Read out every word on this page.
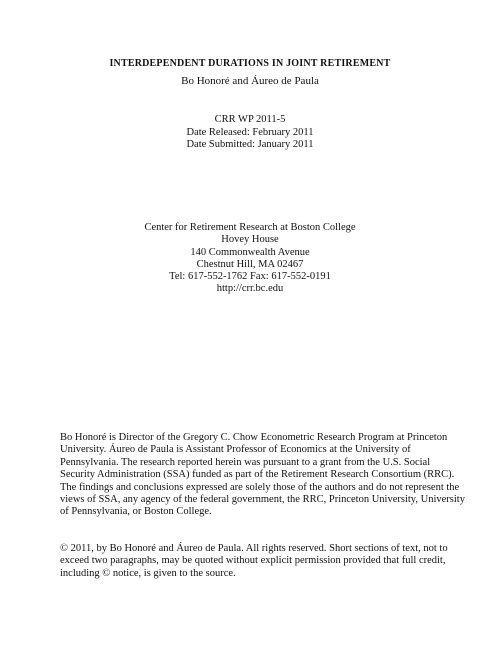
INTERDEPENDENT DURATIONS IN JOINT RETIREMENT
Bo Honoré and Áureo de Paula
CRR WP 2011-5
Date Released: February 2011
Date Submitted: January 2011
Center for Retirement Research at Boston College
Hovey House
140 Commonwealth Avenue
Chestnut Hill, MA 02467
Tel: 617-552-1762 Fax: 617-552-0191
http://crr.bc.edu
Bo Honoré is Director of the Gregory C. Chow Econometric Research Program at Princeton
University. Áureo de Paula is Assistant Professor of Economics at the University of
Pennsylvania. The research reported herein was pursuant to a grant from the U.S. Social
Security Administration (SSA) funded as part of the Retirement Research Consortium (RRC).
The findings and conclusions expressed are solely those of the authors and do not represent the
views of SSA, any agency of the federal government, the RRC, Princeton University, University
of Pennsylvania, or Boston College.
© 2011, by Bo Honoré and Áureo de Paula. All rights reserved. Short sections of text, not to
exceed two paragraphs, may be quoted without explicit permission provided that full credit,
including © notice, is given to the source.
